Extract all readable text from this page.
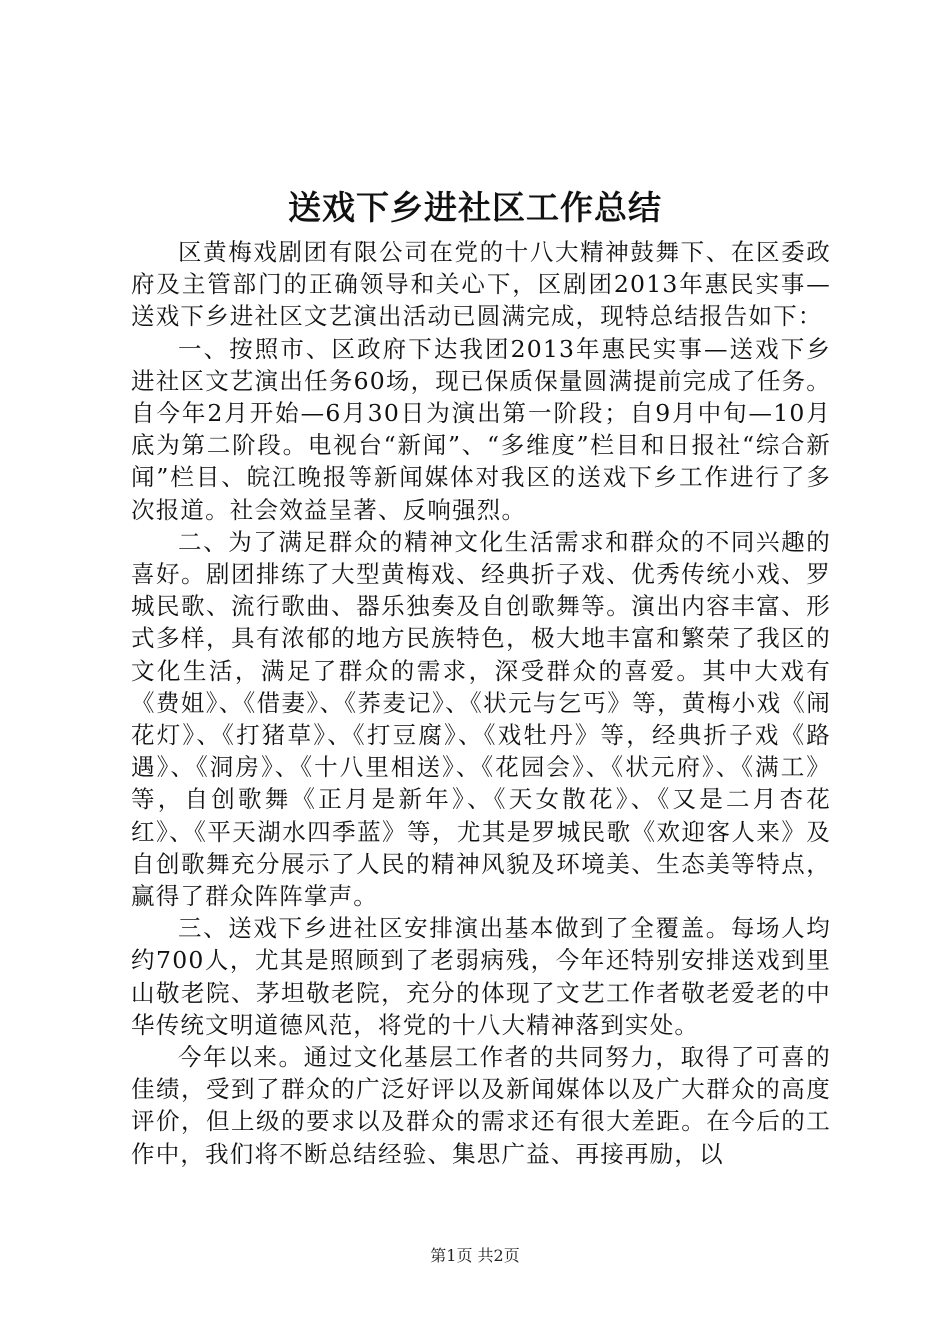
送戏下乡进社区工作总结

区黄梅戏剧团有限公司在党的十八大精神鼓舞下、在区委政府及主管部门的正确领导和关心下，区剧团2013年惠民实事—送戏下乡进社区文艺演出活动已圆满完成，现特总结报告如下：

一、按照市、区政府下达我团2013年惠民实事—送戏下乡进社区文艺演出任务60场，现已保质保量圆满提前完成了任务。自今年2月开始—6月30日为演出第一阶段；自9月中旬—10月底为第二阶段。电视台“新闻”、“多维度”栏目和日报社“综合新闻”栏目、皖江晚报等新闻媒体对我区的送戏下乡工作进行了多次报道。社会效益呈著、反响强烈。

二、为了满足群众的精神文化生活需求和群众的不同兴趣的喜好。剧团排练了大型黄梅戏、经典折子戏、优秀传统小戏、罗城民歌、流行歌曲、器乐独奏及自创歌舞等。演出内容丰富、形式多样，具有浓郁的地方民族特色，极大地丰富和繁荣了我区的文化生活，满足了群众的需求，深受群众的喜爱。其中大戏有《费姐》、《借妻》、《荞麦记》、《状元与乞丐》等，黄梅小戏《闹花灯》、《打猪草》、《打豆腐》、《戏牡丹》等，经典折子戏《路遇》、《洞房》、《十八里相送》、《花园会》、《状元府》、《满工》等，自创歌舞《正月是新年》、《天女散花》、《又是二月杏花红》、《平天湖水四季蓝》等，尤其是罗城民歌《欢迎客人来》及自创歌舞充分展示了人民的精神风貌及环境美、生态美等特点，赢得了群众阵阵掌声。

三、送戏下乡进社区安排演出基本做到了全覆盖。每场人均约700人，尤其是照顾到了老弱病残，今年还特别安排送戏到里山敬老院、茅坦敬老院，充分的体现了文艺工作者敬老爱老的中华传统文明道德风范，将党的十八大精神落到实处。

今年以来。通过文化基层工作者的共同努力，取得了可喜的佳绩，受到了群众的广泛好评以及新闻媒体以及广大群众的高度评价，但上级的要求以及群众的需求还有很大差距。在今后的工作中，我们将不断总结经验、集思广益、再接再励，以

第1页 共2页
